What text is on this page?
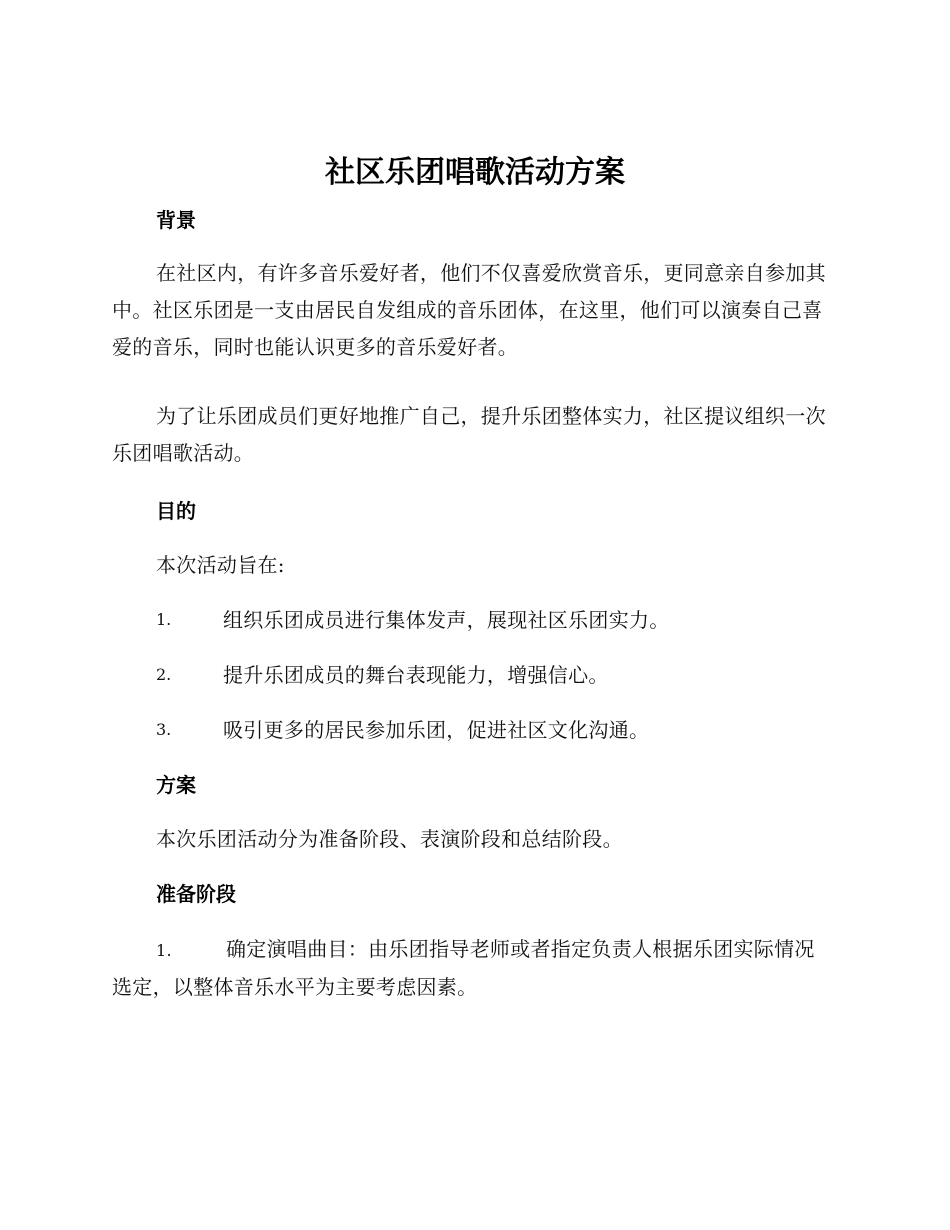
社区乐团唱歌活动方案
背景
在社区内，有许多音乐爱好者，他们不仅喜爱欣赏音乐，更同意亲自参加其中。社区乐团是一支由居民自发组成的音乐团体，在这里，他们可以演奏自己喜爱的音乐，同时也能认识更多的音乐爱好者。
为了让乐团成员们更好地推广自己，提升乐团整体实力，社区提议组织一次乐团唱歌活动。
目的
本次活动旨在:
1.	组织乐团成员进行集体发声，展现社区乐团实力。
2.	提升乐团成员的舞台表现能力，增强信心。
3.	吸引更多的居民参加乐团，促进社区文化沟通。
方案
本次乐团活动分为准备阶段、表演阶段和总结阶段。
准备阶段
1.	确定演唱曲目：由乐团指导老师或者指定负责人根据乐团实际情况选定，以整体音乐水平为主要考虑因素。
